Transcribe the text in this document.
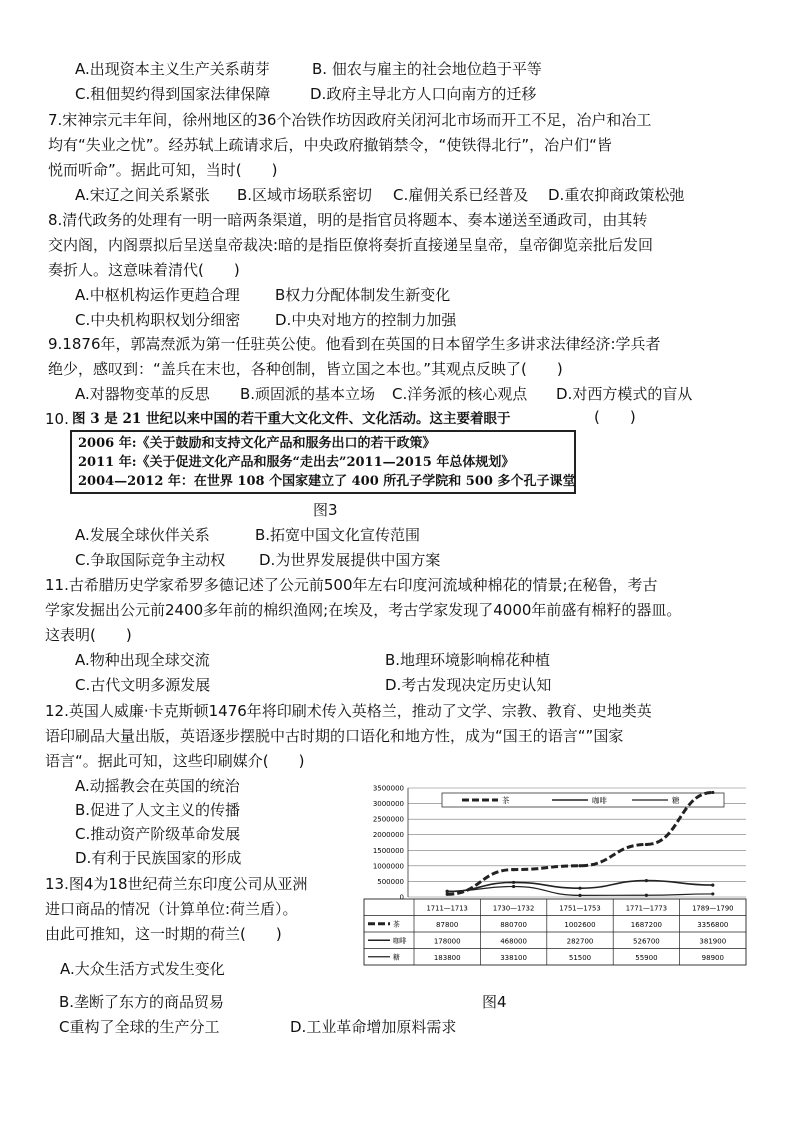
A.出现资本主义生产关系萌芽	B. 佃农与雇主的社会地位趋于平等
C.租佃契约得到国家法律保障	D.政府主导北方人口向南方的迁移
7.宋神宗元丰年间，徐州地区的36个冶铁作坊因政府关闭河北市场而开工不足，冶户和冶工
均有“失业之忧”。经苏轼上疏请求后，中央政府撤销禁令，“使铁得北行”，冶户们“皆
悦而听命”。据此可知，当时(　　)
A.宋辽之间关系紧张 B.区域市场联系密切 C.雇佣关系已经普及 D.重农抑商政策松弛
8.清代政务的处理有一明一暗两条渠道，明的是指官员将题本、奏本递送至通政司，由其转
交内阁，内阁票拟后呈送皇帝裁决:暗的是指臣僚将奏折直接递呈皇帝，皇帝御览亲批后发回
奏折人。这意味着清代(　　)
A.中枢机构运作更趋合理 B权力分配体制发生新变化
C.中央机构职权划分细密 D.中央对地方的控制力加强
9.1876年，郭嵩焘派为第一任驻英公使。他看到在英国的日本留学生多讲求法律经济:学兵者
绝少，感叹到：“盖兵在末也，各种创制，皆立国之本也。”其观点反映了(　　)
A.对器物变革的反思 B.顽固派的基本立场 C.洋务派的核心观点 D.对西方模式的盲从
10. 图 3 是 21 世纪以来中国的若干重大文化文件、文化活动。这主要着眼于	(　　)
2006 年:《关于鼓励和支持文化产品和服务出口的若干政策》
2011 年:《关于促进文化产品和服务“走出去”2011—2015 年总体规划》
2004—2012 年：在世界 108 个国家建立了 400 所孔子学院和 500 多个孔子课堂
图3
A.发展全球伙伴关系	B.拓宽中国文化宣传范围
C.争取国际竞争主动权 D.为世界发展提供中国方案
11.古希腊历史学家希罗多德记述了公元前500年左右印度河流域种棉花的情景;在秘鲁，考古
学家发掘出公元前2400多年前的棉织渔网;在埃及，考古学家发现了4000年前盛有棉籽的器皿。
这表明(　　)
A.物种出现全球交流	B.地理环境影响棉花种植
C.古代文明多源发展	D.考古发现决定历史认知
12.英国人威廉·卡克斯顿1476年将印刷术传入英格兰，推动了文学、宗教、教育、史地类英
语印刷品大量出版，英语逐步摆脱中古时期的口语化和地方性，成为“国王的语言“”国家
语言“。据此可知，这些印刷媒介(　　)
A.动摇教会在英国的统治
B.促进了人文主义的传播
C.推动资产阶级革命发展
D.有利于民族国家的形成
13.图4为18世纪荷兰东印度公司从亚洲
进口商品的情况（计算单位:荷兰盾）。
由此可推知，这一时期的荷兰(　　)
A.大众生活方式发生变化
B.垄断了东方的商品贸易	图4
C重构了全球的生产分工	D.工业革命增加原料需求
3500000
3000000
2500000
2000000
1500000
1000000
500000
0
茶	咖啡	糖
1711—1713	1730—1732	1751—1753	1771—1773	1789—1790
茶	87800	880700	1002600	1687200	3356800
咖啡	178000	468000	282700	526700	381900
糖	183800	338100	51500	55900	98900
